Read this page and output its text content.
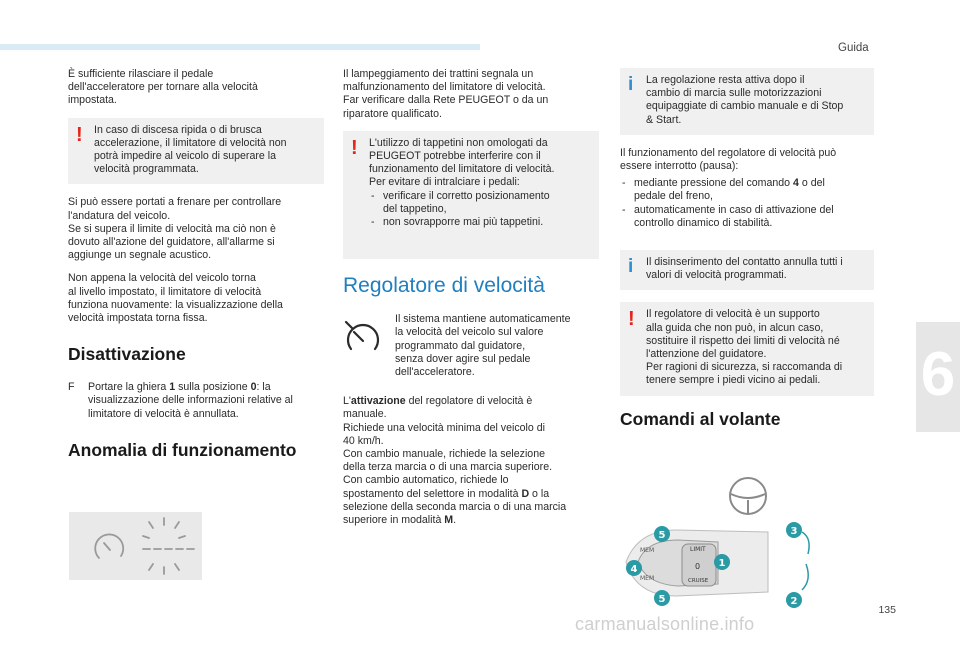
Guida
6

È sufficiente rilasciare il pedale
dell'acceleratore per tornare alla velocità
impostata.

! In caso di discesa ripida o di brusca
accelerazione, il limitatore di velocità non
potrà impedire al veicolo di superare la
velocità programmata.

Si può essere portati a frenare per controllare
l'andatura del veicolo.
Se si supera il limite di velocità ma ciò non è
dovuto all'azione del guidatore, all'allarme si
aggiunge un segnale acustico.

Non appena la velocità del veicolo torna
al livello impostato, il limitatore di velocità
funziona nuovamente: la visualizzazione della
velocità impostata torna fissa.

Disattivazione
F Portare la ghiera 1 sulla posizione 0: la
visualizzazione delle informazioni relative al
limitatore di velocità è annullata.
Anomalia di funzionamento

Il lampeggiamento dei trattini segnala un
malfunzionamento del limitatore di velocità.
Far verificare dalla Rete PEUGEOT o da un
riparatore qualificato.

! L'utilizzo di tappetini non omologati da
PEUGEOT potrebbe interferire con il
funzionamento del limitatore di velocità.
Per evitare di intralciare i pedali:

- verificare il corretto posizionamento
del tappetino,
- non sovrapporre mai più tappetini.
Regolatore di velocità

Il sistema mantiene automaticamente
la velocità del veicolo sul valore
programmato dal guidatore,
senza dover agire sul pedale
dell'acceleratore.

L'attivazione del regolatore di velocità è
manuale.
Richiede una velocità minima del veicolo di
40 km/h.
Con cambio manuale, richiede la selezione
della terza marcia o di una marcia superiore.
Con cambio automatico, richiede lo
spostamento del selettore in modalità D o la
selezione della seconda marcia o di una marcia
superiore in modalità M.

i La regolazione resta attiva dopo il
cambio di marcia sulle motorizzazioni
equipaggiate di cambio manuale e di Stop
& Start.

Il funzionamento del regolatore di velocità può
essere interrotto (pausa):

- mediante pressione del comando 4 o del
pedale del freno,
- automaticamente in caso di attivazione del
controllo dinamico di stabilità.
i Il disinserimento del contatto annulla tutti i
valori di velocità programmati.

! Il regolatore di velocità è un supporto
alla guida che non può, in alcun caso,
sostituire il rispetto dei limiti di velocità né
l'attenzione del guidatore.
Per ragioni di sicurezza, si raccomanda di
tenere sempre i piedi vicino ai pedali.

Comandi al volante
MEM	LIMIT
0
CRUISE
MEM
5
4
5
1
3
2
135
carmanualsonline.info
